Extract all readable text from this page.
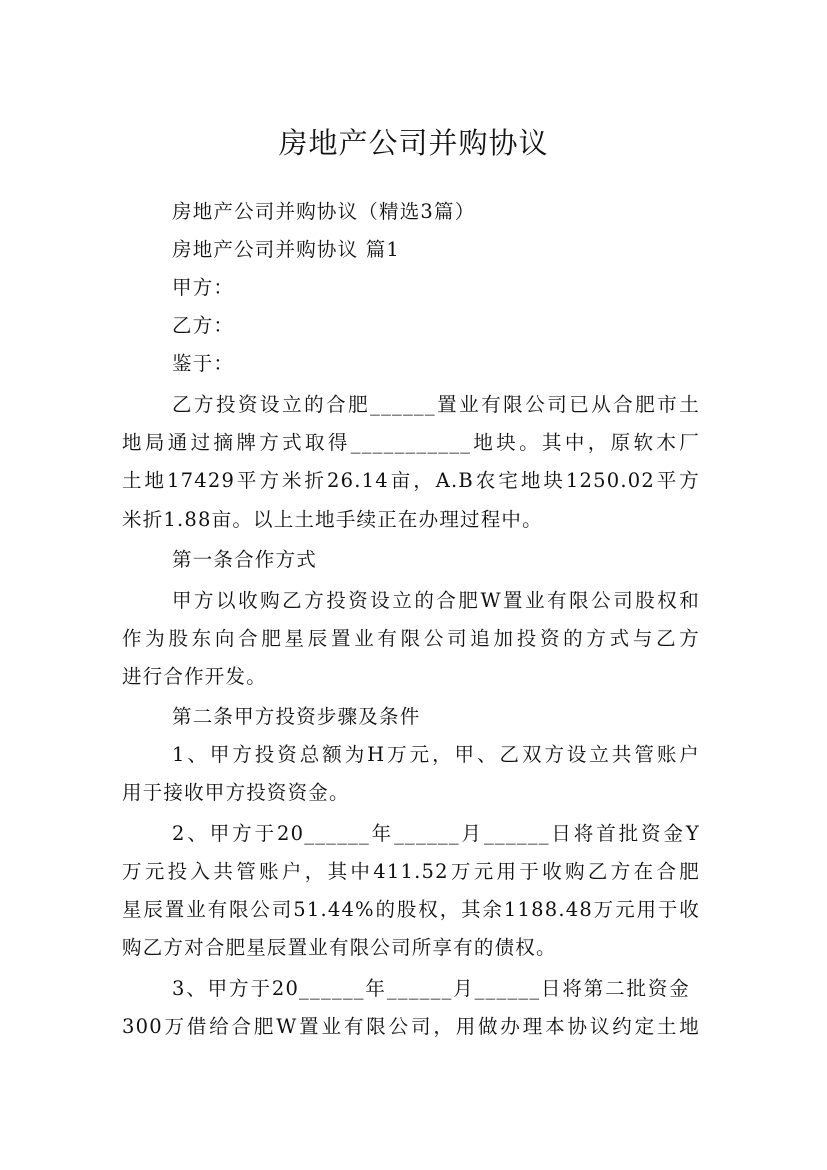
房地产公司并购协议
房地产公司并购协议（精选3篇）
房地产公司并购协议 篇1
甲方：
乙方：
鉴于：
乙方投资设立的合肥______置业有限公司已从合肥市土
地局通过摘牌方式取得___________地块。其中，原软木厂
土地17429平方米折26.14亩，A.B农宅地块1250.02平方
米折1.88亩。以上土地手续正在办理过程中。
第一条合作方式
甲方以收购乙方投资设立的合肥W置业有限公司股权和
作为股东向合肥星辰置业有限公司追加投资的方式与乙方
进行合作开发。
第二条甲方投资步骤及条件
1、甲方投资总额为H万元，甲、乙双方设立共管账户
用于接收甲方投资资金。
2、甲方于20______年______月______日将首批资金Y
万元投入共管账户，其中411.52万元用于收购乙方在合肥
星辰置业有限公司51.44%的股权，其余1188.48万元用于收
购乙方对合肥星辰置业有限公司所享有的债权。
3、甲方于20______年______月______日将第二批资金
300万借给合肥W置业有限公司，用做办理本协议约定土地
